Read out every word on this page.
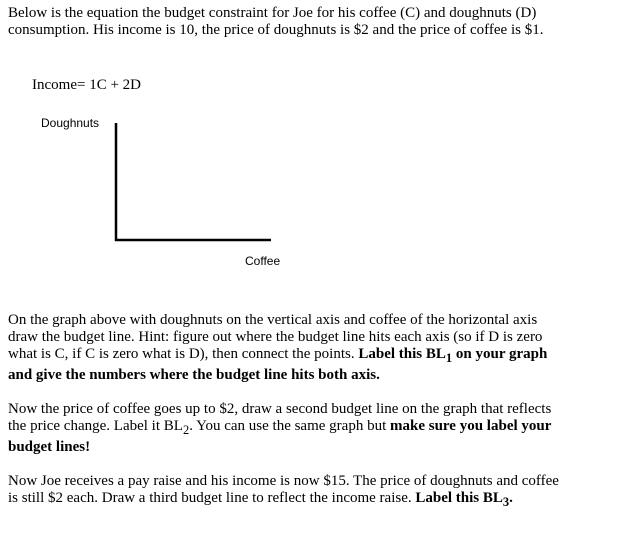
Below is the equation the budget constraint for Joe for his coffee (C) and doughnuts (D) consumption. His income is 10, the price of doughnuts is $2 and the price of coffee is $1.

Income= 1C + 2D

Doughnuts

Coffee

On the graph above with doughnuts on the vertical axis and coffee of the horizontal axis draw the budget line. Hint: figure out where the budget line hits each axis (so if D is zero what is C, if C is zero what is D), then connect the points. Label this $BL_1$ on your graph and give the numbers where the budget line hits both axis.

Now the price of coffee goes up to $2, draw a second budget line on the graph that reflects the price change. Label it $BL_2$. You can use the same graph but make sure you label your budget lines!

Now Joe receives a pay raise and his income is now $15. The price of doughnuts and coffee is still $2 each. Draw a third budget line to reflect the income raise. Label this $BL_3$.
